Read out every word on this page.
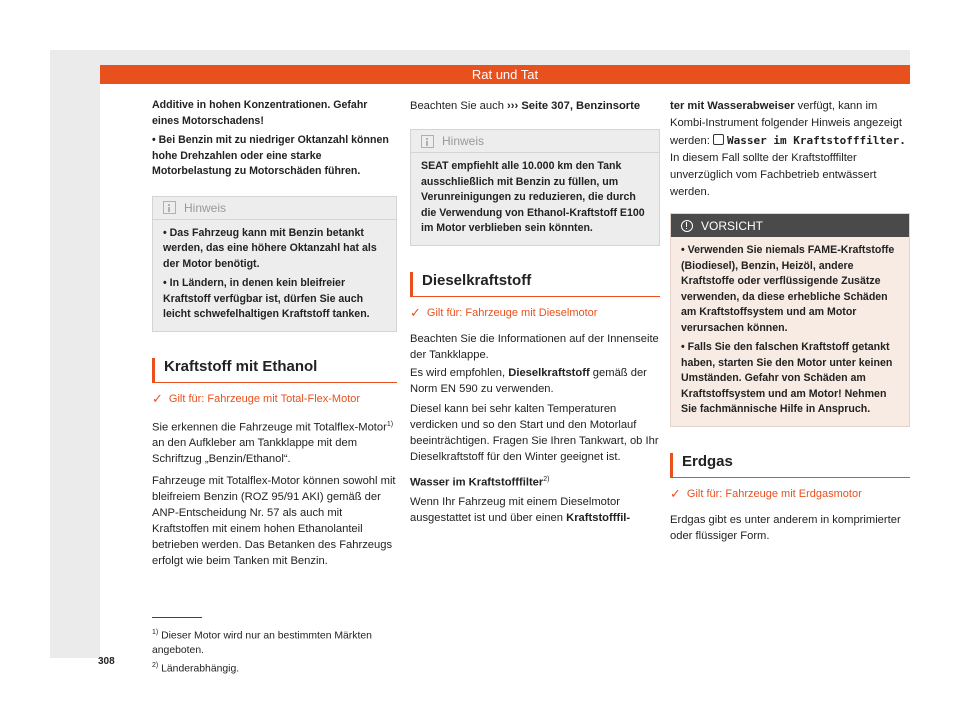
Rat und Tat

Additive in hohen Konzentrationen. Gefahr eines Motorschadens!

• Bei Benzin mit zu niedriger Oktanzahl können hohe Drehzahlen oder eine starke Motorbelastung zu Motorschäden führen.

Hinweis

• Das Fahrzeug kann mit Benzin betankt werden, das eine höhere Oktanzahl hat als der Motor benötigt.

• In Ländern, in denen kein bleifreier Kraftstoff verfügbar ist, dürfen Sie auch leicht schwefelhaltigen Kraftstoff tanken.

Kraftstoff mit Ethanol
✓ Gilt für: Fahrzeuge mit Total-Flex-Motor

Sie erkennen die Fahrzeuge mit Totalflex-Motor$^{1)}$ an den Aufkleber am Tankklappe mit dem Schriftzug „Benzin/Ethanol“.

Fahrzeuge mit Totalflex-Motor können sowohl mit bleifreiem Benzin (ROZ 95/91 AKI) gemäß der ANP-Entscheidung Nr. 57 als auch mit Kraftstoffen mit einem hohen Ethanolanteil betrieben werden. Das Betanken des Fahrzeugs erfolgt wie beim Tanken mit Benzin.

$^{1)}$ Dieser Motor wird nur an bestimmten Märkten angeboten.

$^{2)}$ Länderabhängig.

308

Beachten Sie auch ››› Seite 307, Benzinsorte

Hinweis

SEAT empfiehlt alle 10.000 km den Tank ausschließlich mit Benzin zu füllen, um Verunreinigungen zu reduzieren, die durch die Verwendung von Ethanol-Kraftstoff E100 im Motor verblieben sein könnten.

Dieselkraftstoff
✓ Gilt für: Fahrzeuge mit Dieselmotor

Beachten Sie die Informationen auf der Innenseite der Tankklappe.

Es wird empfohlen, Dieselkraftstoff gemäß der Norm EN 590 zu verwenden.

Diesel kann bei sehr kalten Temperaturen verdicken und so den Start und den Motorlauf beeinträchtigen. Fragen Sie Ihren Tankwart, ob Ihr Dieselkraftstoff für den Winter geeignet ist.

Wasser im Kraftstofffilter$^{2)}$

Wenn Ihr Fahrzeug mit einem Dieselmotor ausgestattet ist und über einen Kraftstofffil-

ter mit Wasserabweiser verfügt, kann im Kombi-Instrument folgender Hinweis angezeigt werden:  Wasser im Kraftstofffilter. In diesem Fall sollte der Kraftstofffilter unverzüglich vom Fachbetrieb entwässert werden.

VORSICHT

• Verwenden Sie niemals FAME-Kraftstoffe (Biodiesel), Benzin, Heizöl, andere Kraftstoffe oder verflüssigende Zusätze verwenden, da diese erhebliche Schäden am Kraftstoffsystem und am Motor verursachen können.

• Falls Sie den falschen Kraftstoff getankt haben, starten Sie den Motor unter keinen Umständen. Gefahr von Schäden am Kraftstoffsystem und am Motor! Nehmen Sie fachmännische Hilfe in Anspruch.

Erdgas
✓ Gilt für: Fahrzeuge mit Erdgasmotor

Erdgas gibt es unter anderem in komprimierter oder flüssiger Form.
